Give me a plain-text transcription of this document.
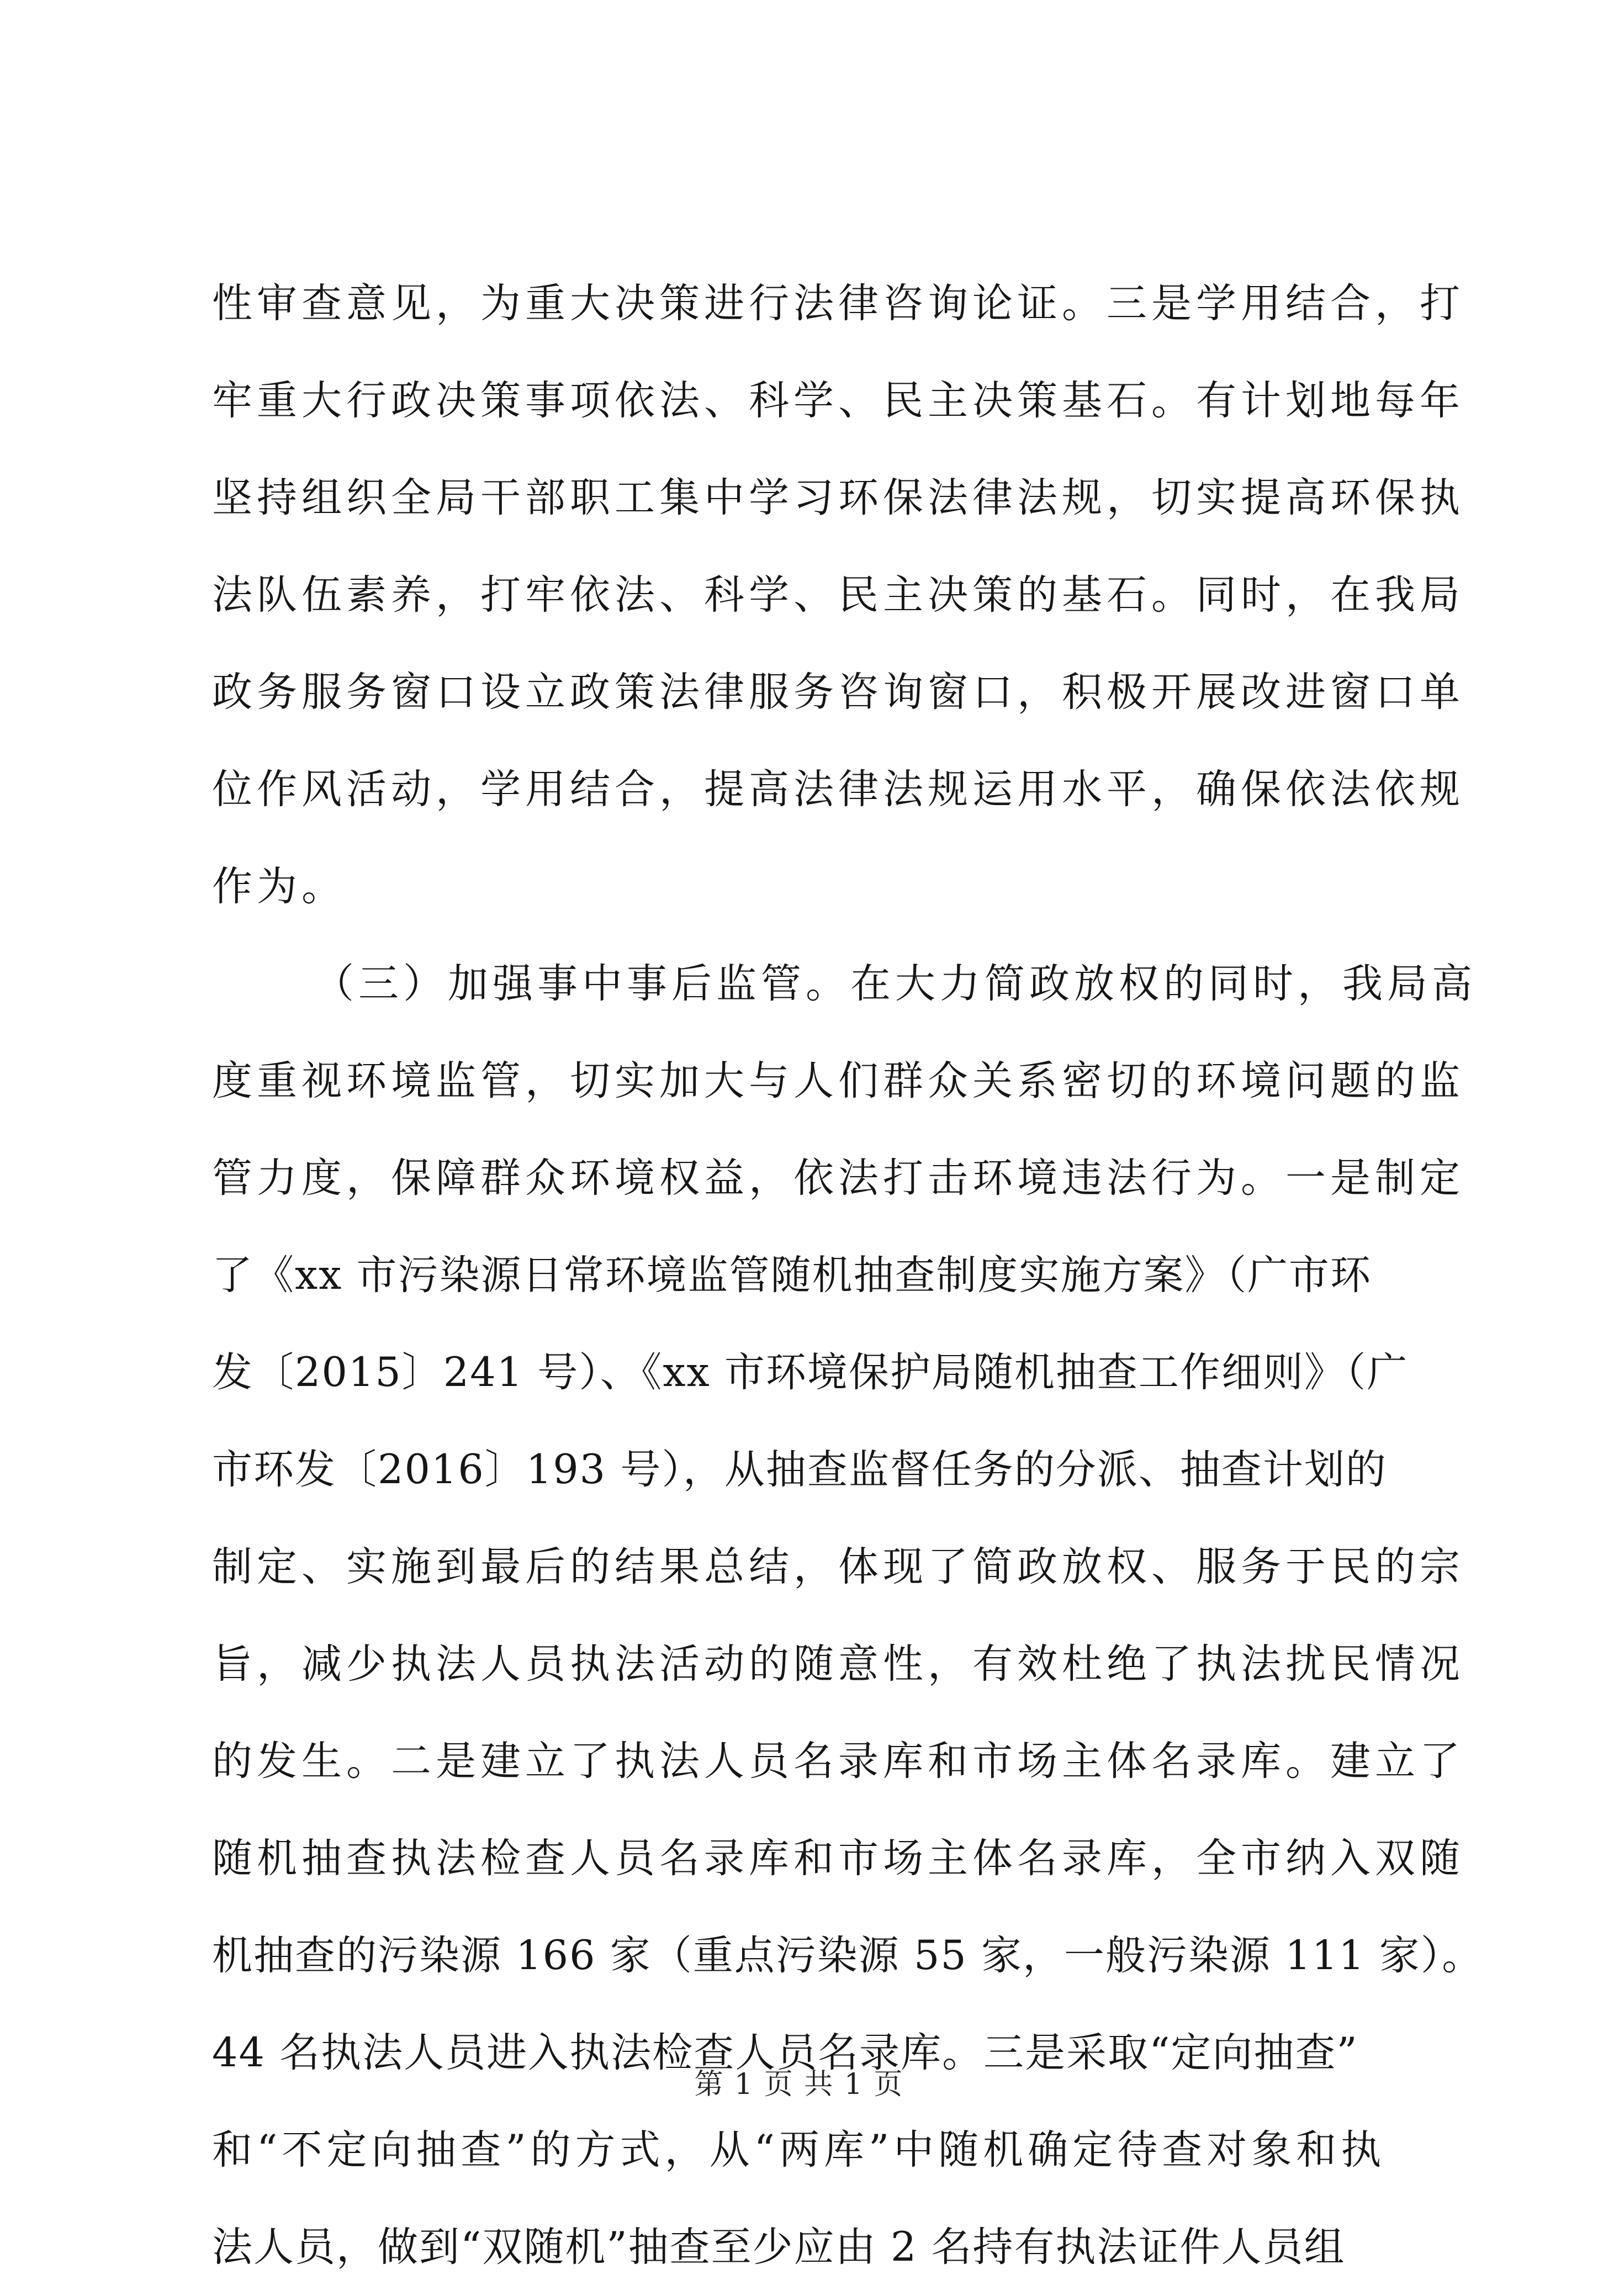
性审查意见，为重大决策进行法律咨询论证。三是学用结合，打
牢重大行政决策事项依法、科学、民主决策基石。有计划地每年
坚持组织全局干部职工集中学习环保法律法规，切实提高环保执
法队伍素养，打牢依法、科学、民主决策的基石。同时，在我局
政务服务窗口设立政策法律服务咨询窗口，积极开展改进窗口单
位作风活动，学用结合，提高法律法规运用水平，确保依法依规
作为。
（三）加强事中事后监管。在大力简政放权的同时，我局高
度重视环境监管，切实加大与人们群众关系密切的环境问题的监
管力度，保障群众环境权益，依法打击环境违法行为。一是制定
了《xx 市污染源日常环境监管随机抽查制度实施方案》（广市环
发〔2015〕241 号）、《xx 市环境保护局随机抽查工作细则》（广
市环发〔2016〕193 号），从抽查监督任务的分派、抽查计划的
制定、实施到最后的结果总结，体现了简政放权、服务于民的宗
旨，减少执法人员执法活动的随意性，有效杜绝了执法扰民情况
的发生。二是建立了执法人员名录库和市场主体名录库。建立了
随机抽查执法检查人员名录库和市场主体名录库，全市纳入双随
机抽查的污染源 166 家（重点污染源 55 家，一般污染源 111 家）。
44 名执法人员进入执法检查人员名录库。三是采取“定向抽查”
和“不定向抽查”的方式，从“两库”中随机确定待查对象和执
法人员，做到“双随机”抽查至少应由 2 名持有执法证件人员组
第 1 页 共 1 页
